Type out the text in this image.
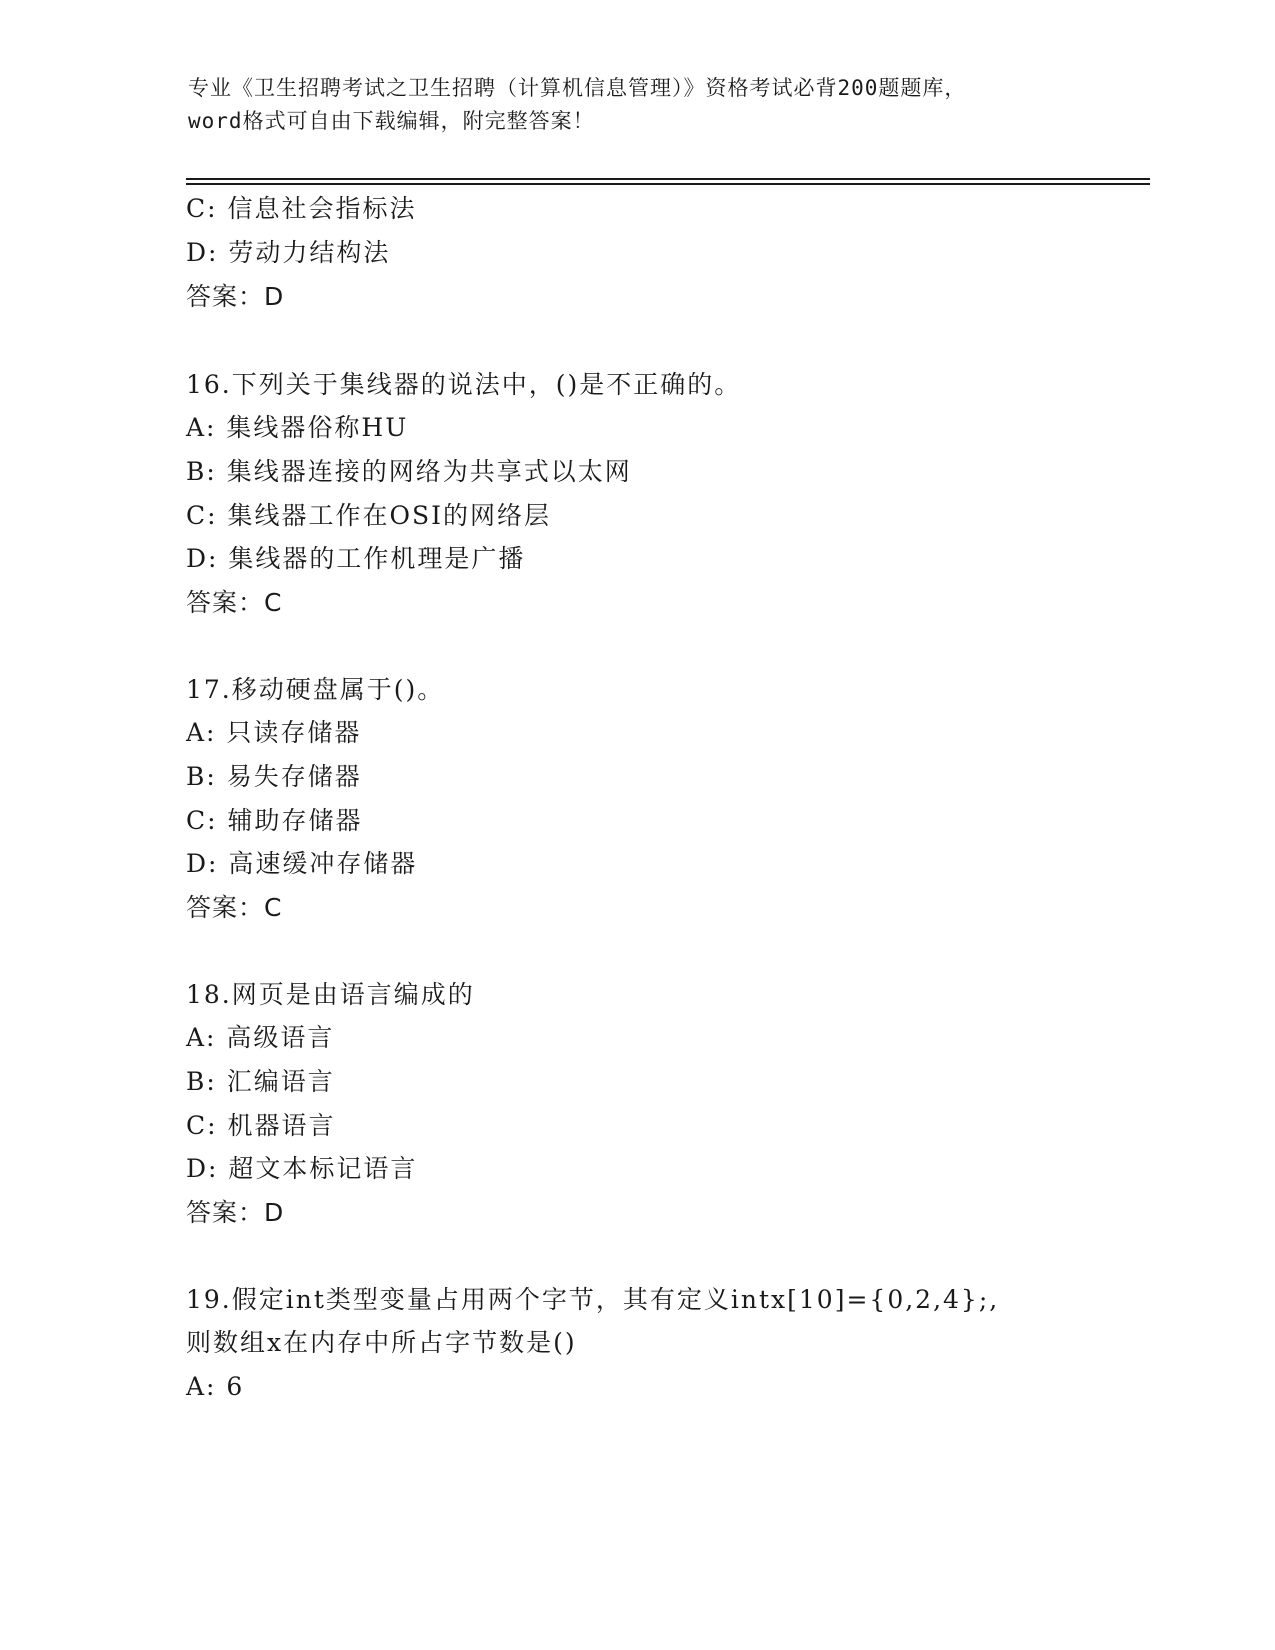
专业《卫生招聘考试之卫生招聘（计算机信息管理）》资格考试必背200题题库，
word格式可自由下载编辑，附完整答案！
C: 信息社会指标法
D: 劳动力结构法
答案：D
16.下列关于集线器的说法中，()是不正确的。
A: 集线器俗称HU
B: 集线器连接的网络为共享式以太网
C: 集线器工作在OSI的网络层
D: 集线器的工作机理是广播
答案：C
17.移动硬盘属于()。
A: 只读存储器
B: 易失存储器
C: 辅助存储器
D: 高速缓冲存储器
答案：C
18.网页是由语言编成的
A: 高级语言
B: 汇编语言
C: 机器语言
D: 超文本标记语言
答案：D
19.假定int类型变量占用两个字节，其有定义intx[10]={0,2,4};,
则数组x在内存中所占字节数是()
A: 6
